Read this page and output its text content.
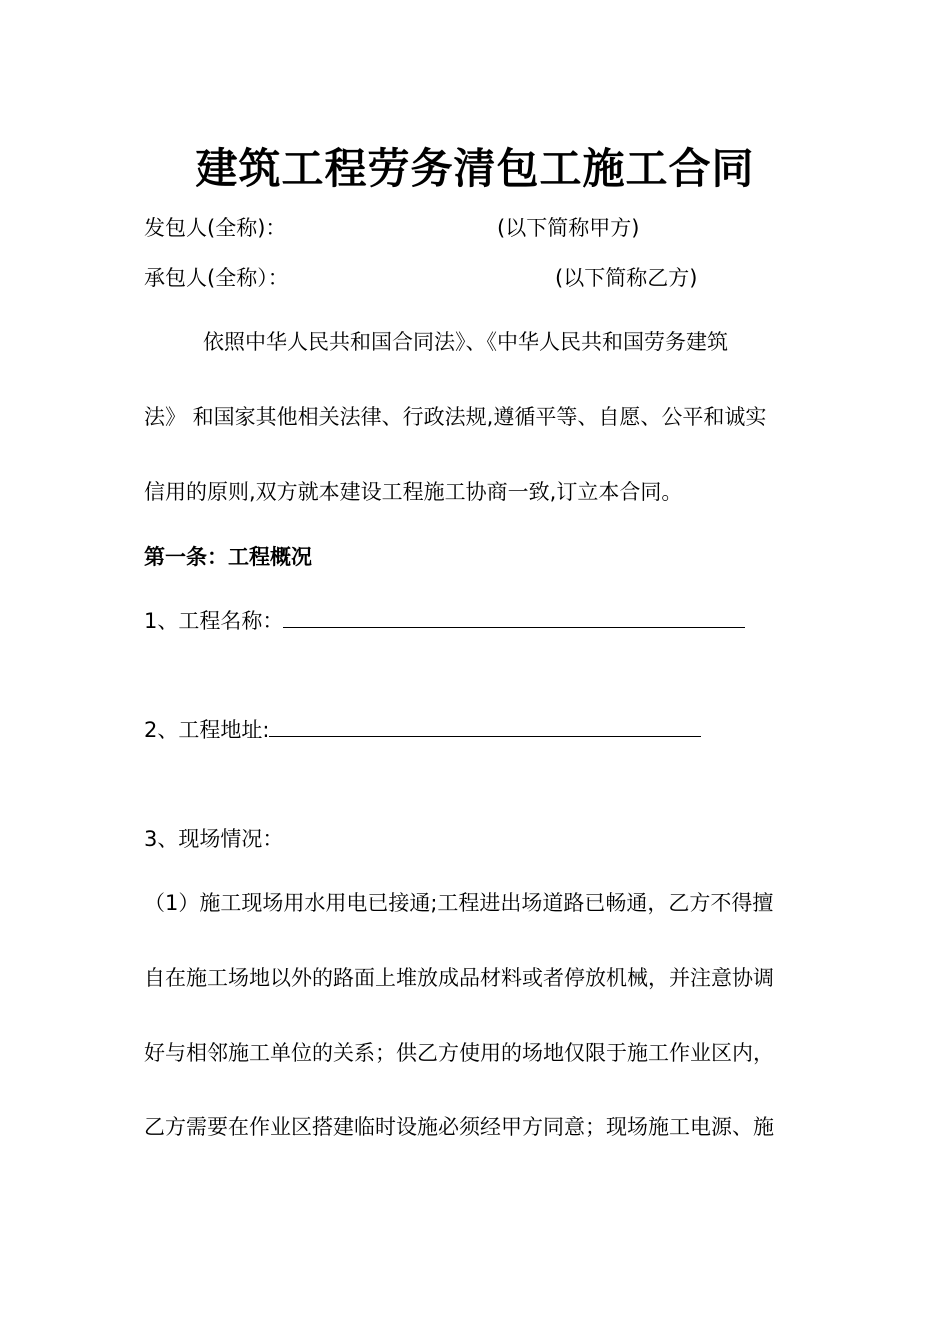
建筑工程劳务清包工施工合同
发包人(全称)：	(以下简称甲方)
承包人(全称）：	(以下简称乙方)
依照中华人民共和国合同法》、《中华人民共和国劳务建筑
法》 和国家其他相关法律、行政法规,遵循平等、自愿、公平和诚实
信用的原则,双方就本建设工程施工协商一致,订立本合同。
第一条：工程概况
1、工程名称：
2、工程地址:
3、现场情况：
（1）施工现场用水用电已接通;工程进出场道路已畅通，乙方不得擅
自在施工场地以外的路面上堆放成品材料或者停放机械，并注意协调
好与相邻施工单位的关系；供乙方使用的场地仅限于施工作业区内，
乙方需要在作业区搭建临时设施必须经甲方同意；现场施工电源、施
